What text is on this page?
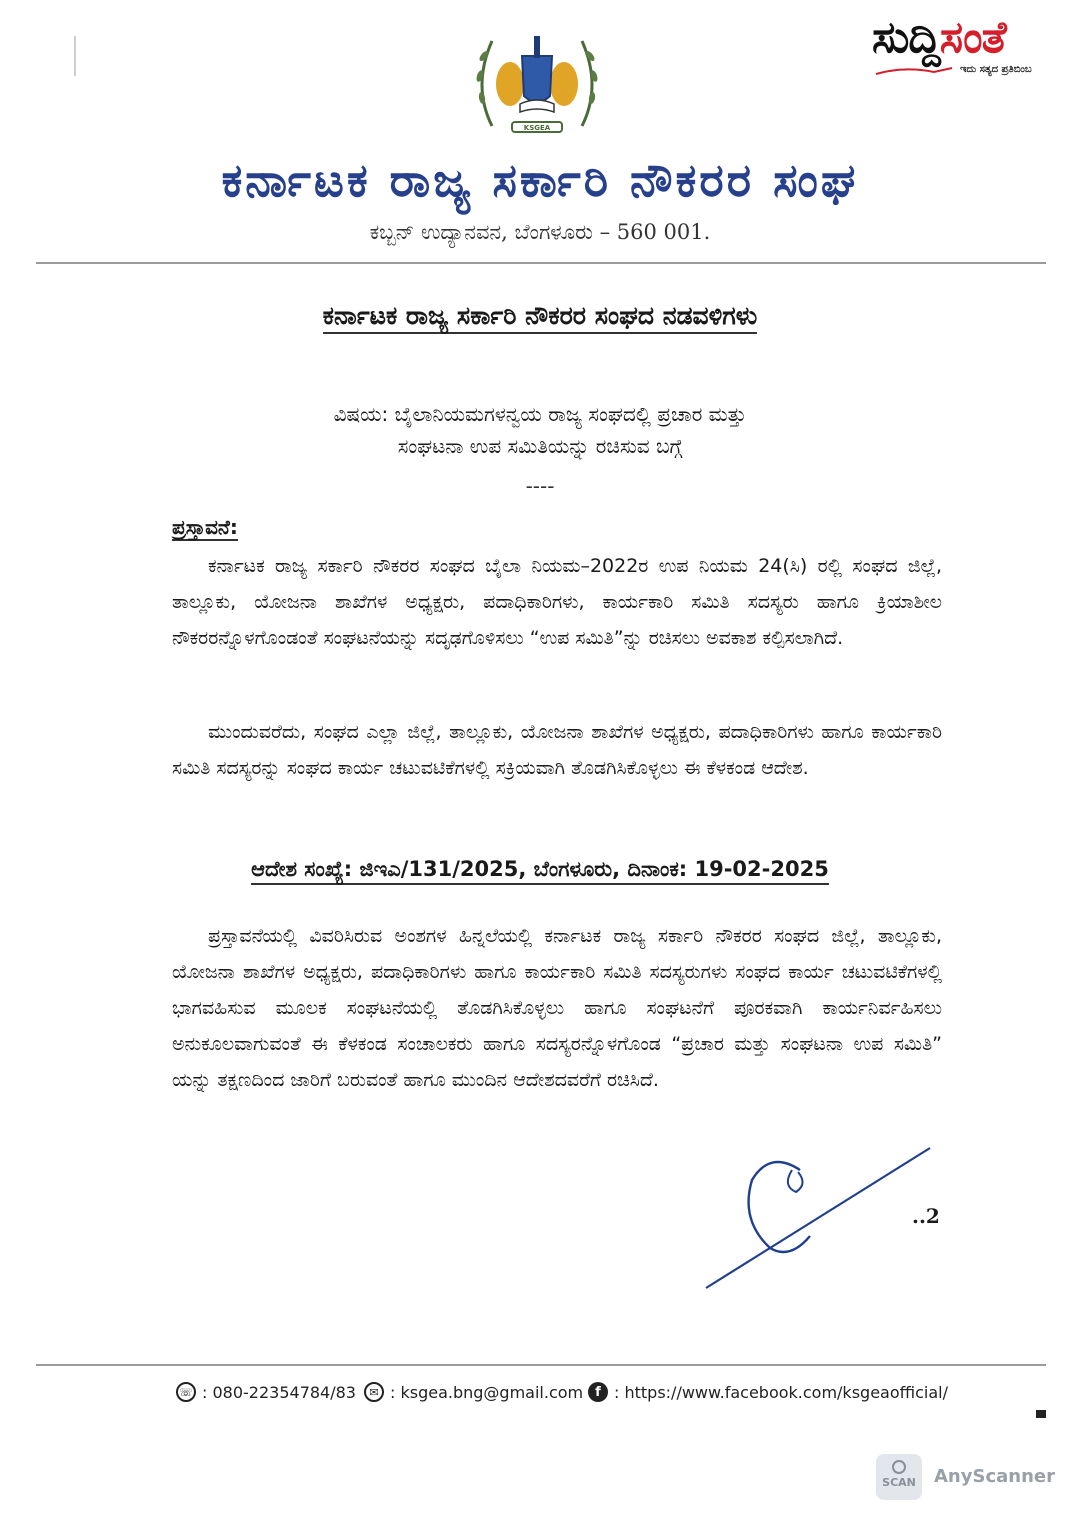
ಸುದ್ದಿಸಂತೆ
ಇದು ಸತ್ಯದ ಪ್ರತಿಬಿಂಬ
KSGEA
ಕರ್ನಾಟಕ ರಾಜ್ಯ ಸರ್ಕಾರಿ ನೌಕರರ ಸಂಘ
ಕಬ್ಬನ್ ಉದ್ಯಾನವನ, ಬೆಂಗಳೂರು – 560 001.
ಕರ್ನಾಟಕ ರಾಜ್ಯ ಸರ್ಕಾರಿ ನೌಕರರ ಸಂಘದ ನಡವಳಿಗಳು
ವಿಷಯ: ಬೈಲಾನಿಯಮಗಳನ್ವಯ ರಾಜ್ಯ ಸಂಘದಲ್ಲಿ ಪ್ರಚಾರ ಮತ್ತು
ಸಂಘಟನಾ ಉಪ ಸಮಿತಿಯನ್ನು ರಚಿಸುವ ಬಗ್ಗೆ
----
ಪ್ರಸ್ತಾವನೆ:
ಕರ್ನಾಟಕ ರಾಜ್ಯ ಸರ್ಕಾರಿ ನೌಕರರ ಸಂಘದ ಬೈಲಾ ನಿಯಮ–2022ರ ಉಪ ನಿಯಮ 24(ಸಿ) ರಲ್ಲಿ ಸಂಘದ ಜಿಲ್ಲೆ, ತಾಲ್ಲೂಕು, ಯೋಜನಾ ಶಾಖೆಗಳ ಅಧ್ಯಕ್ಷರು, ಪದಾಧಿಕಾರಿಗಳು, ಕಾರ್ಯಕಾರಿ ಸಮಿತಿ ಸದಸ್ಯರು ಹಾಗೂ ಕ್ರಿಯಾಶೀಲ ನೌಕರರನ್ನೊಳಗೊಂಡಂತೆ ಸಂಘಟನೆಯನ್ನು ಸದೃಢಗೊಳಿಸಲು “ಉಪ ಸಮಿತಿ”ನ್ನು ರಚಿಸಲು ಅವಕಾಶ ಕಲ್ಪಿಸಲಾಗಿದೆ.
ಮುಂದುವರೆದು, ಸಂಘದ ಎಲ್ಲಾ ಜಿಲ್ಲೆ, ತಾಲ್ಲೂಕು, ಯೋಜನಾ ಶಾಖೆಗಳ ಅಧ್ಯಕ್ಷರು, ಪದಾಧಿಕಾರಿಗಳು ಹಾಗೂ ಕಾರ್ಯಕಾರಿ ಸಮಿತಿ ಸದಸ್ಯರನ್ನು ಸಂಘದ ಕಾರ್ಯ ಚಟುವಟಿಕೆಗಳಲ್ಲಿ ಸಕ್ರಿಯವಾಗಿ ತೊಡಗಿಸಿಕೊಳ್ಳಲು ಈ ಕೆಳಕಂಡ ಆದೇಶ.
ಆದೇಶ ಸಂಖ್ಯೆ: ಜಿಇಎ/131/2025, ಬೆಂಗಳೂರು, ದಿನಾಂಕ: 19-02-2025
ಪ್ರಸ್ತಾವನೆಯಲ್ಲಿ ವಿವರಿಸಿರುವ ಅಂಶಗಳ ಹಿನ್ನಲೆಯಲ್ಲಿ ಕರ್ನಾಟಕ ರಾಜ್ಯ ಸರ್ಕಾರಿ ನೌಕರರ ಸಂಘದ ಜಿಲ್ಲೆ, ತಾಲ್ಲೂಕು, ಯೋಜನಾ ಶಾಖೆಗಳ ಅಧ್ಯಕ್ಷರು, ಪದಾಧಿಕಾರಿಗಳು ಹಾಗೂ ಕಾರ್ಯಕಾರಿ ಸಮಿತಿ ಸದಸ್ಯರುಗಳು ಸಂಘದ ಕಾರ್ಯ ಚಟುವಟಿಕೆಗಳಲ್ಲಿ ಭಾಗವಹಿಸುವ ಮೂಲಕ ಸಂಘಟನೆಯಲ್ಲಿ ತೊಡಗಿಸಿಕೊಳ್ಳಲು ಹಾಗೂ ಸಂಘಟನೆಗೆ ಪೂರಕವಾಗಿ ಕಾರ್ಯನಿರ್ವಹಿಸಲು ಅನುಕೂಲವಾಗುವಂತೆ ಈ ಕೆಳಕಂಡ ಸಂಚಾಲಕರು ಹಾಗೂ ಸದಸ್ಯರನ್ನೊಳಗೊಂಡ “ಪ್ರಚಾರ ಮತ್ತು ಸಂಘಟನಾ ಉಪ ಸಮಿತಿ” ಯನ್ನು ತಕ್ಷಣದಿಂದ ಜಾರಿಗೆ ಬರುವಂತೆ ಹಾಗೂ ಮುಂದಿನ ಆದೇಶದವರೆಗೆ ರಚಿಸಿದೆ.
..2
☏ : 080-22354784/83	✉ : ksgea.bng@gmail.com f : https://www.facebook.com/ksgeaofficial/
SCAN	AnyScanner
